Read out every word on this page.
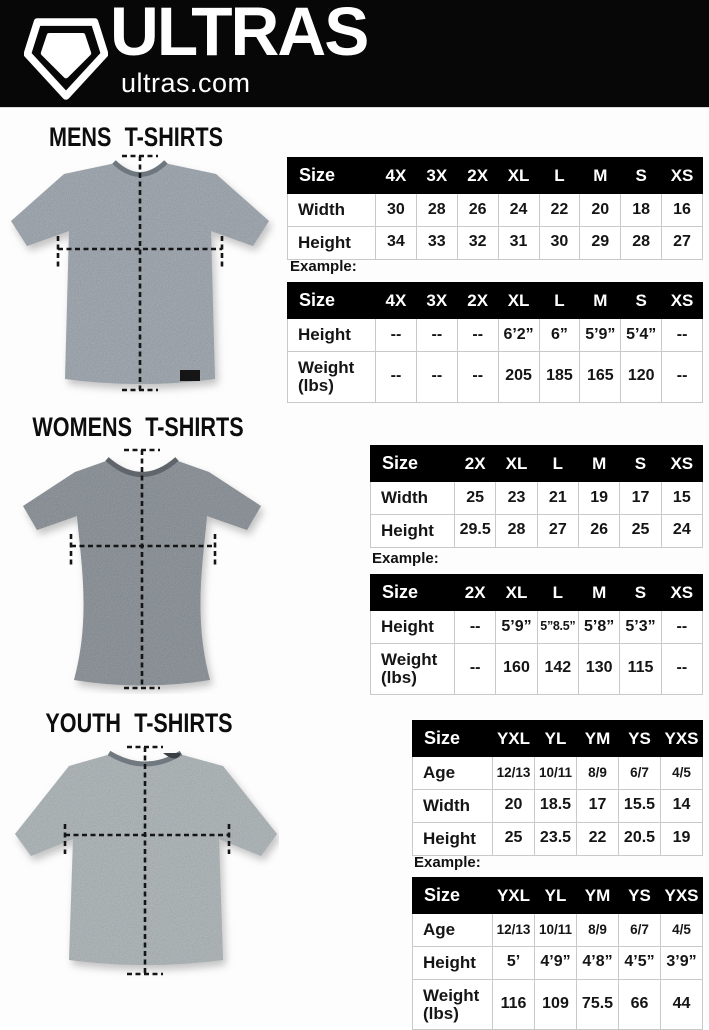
ULTRAS
ultras.com
MENS T-SHIRTS
WOMENS T-SHIRTS
YOUTH T-SHIRTS
Size	4X	3X	2X	XL	L	M	S	XS
Width	30	28	26	24	22	20	18	16
Height	34	33	32	31	30	29	28	27
Example:
Size	4X	3X	2X	XL	L	M	S	XS
Height	--	--	--	6’2”	6”	5’9”	5’4”	--
Weight (lbs)	--	--	--	205	185	165	120	--
Size	2X	XL	L	M	S	XS
Width	25	23	21	19	17	15
Height	29.5	28	27	26	25	24
Example:
Size	2X	XL	L	M	S	XS
Height	--	5’9”	5”8.5”	5’8”	5’3”	--
Weight (lbs)	--	160	142	130	115	--
Size	YXL	YL	YM	YS	YXS
Age	12/13	10/11	8/9	6/7	4/5
Width	20	18.5	17	15.5	14
Height	25	23.5	22	20.5	19
Example:
Size	YXL	YL	YM	YS	YXS
Age	12/13	10/11	8/9	6/7	4/5
Height	5’	4’9”	4’8”	4’5”	3’9”
Weight (lbs)	116	109	75.5	66	44
